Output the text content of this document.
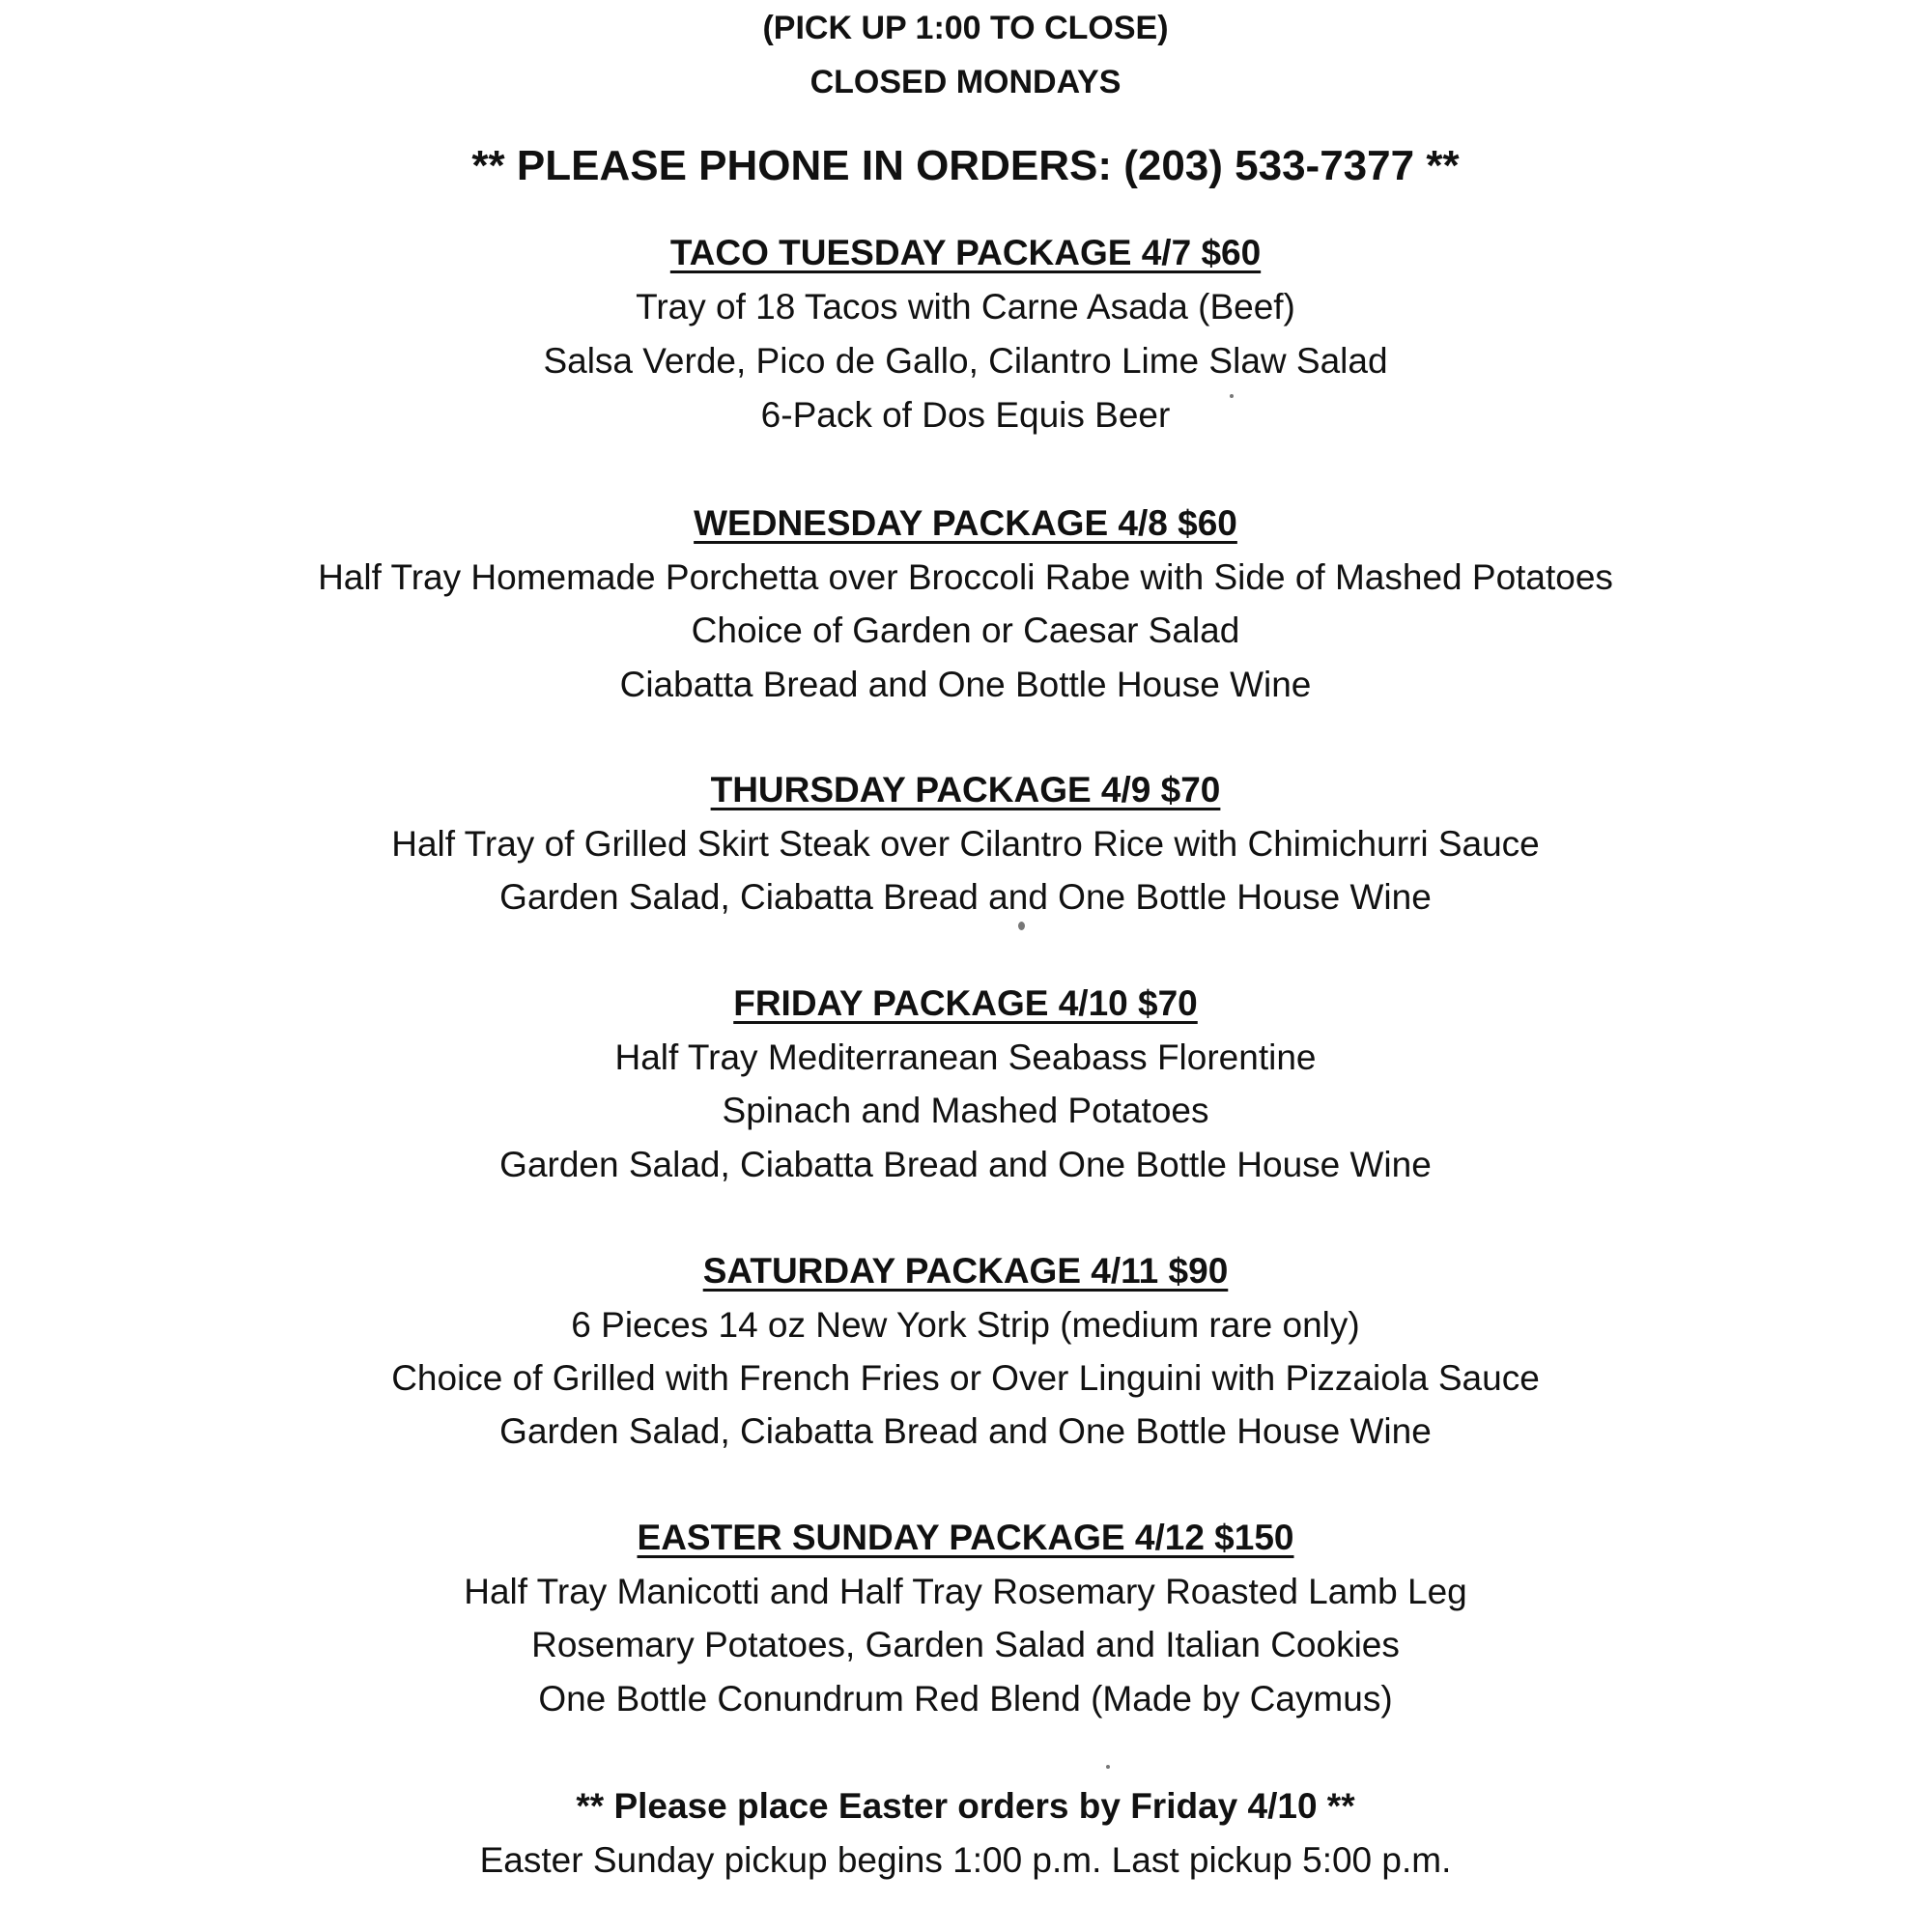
(PICK UP 1:00 TO CLOSE)
CLOSED MONDAYS
** PLEASE PHONE IN ORDERS: (203) 533-7377 **
TACO TUESDAY PACKAGE 4/7 $60
Tray of 18 Tacos with Carne Asada (Beef)
Salsa Verde, Pico de Gallo, Cilantro Lime Slaw Salad
6-Pack of Dos Equis Beer
WEDNESDAY PACKAGE 4/8 $60
Half Tray Homemade Porchetta over Broccoli Rabe with Side of Mashed Potatoes
Choice of Garden or Caesar Salad
Ciabatta Bread and One Bottle House Wine
THURSDAY PACKAGE 4/9 $70
Half Tray of Grilled Skirt Steak over Cilantro Rice with Chimichurri Sauce
Garden Salad, Ciabatta Bread and One Bottle House Wine
FRIDAY PACKAGE 4/10 $70
Half Tray Mediterranean Seabass Florentine
Spinach and Mashed Potatoes
Garden Salad, Ciabatta Bread and One Bottle House Wine
SATURDAY PACKAGE 4/11 $90
6 Pieces 14 oz New York Strip (medium rare only)
Choice of Grilled with French Fries or Over Linguini with Pizzaiola Sauce
Garden Salad, Ciabatta Bread and One Bottle House Wine
EASTER SUNDAY PACKAGE 4/12 $150
Half Tray Manicotti and Half Tray Rosemary Roasted Lamb Leg
Rosemary Potatoes, Garden Salad and Italian Cookies
One Bottle Conundrum Red Blend (Made by Caymus)
** Please place Easter orders by Friday 4/10 **
Easter Sunday pickup begins 1:00 p.m. Last pickup 5:00 p.m.
